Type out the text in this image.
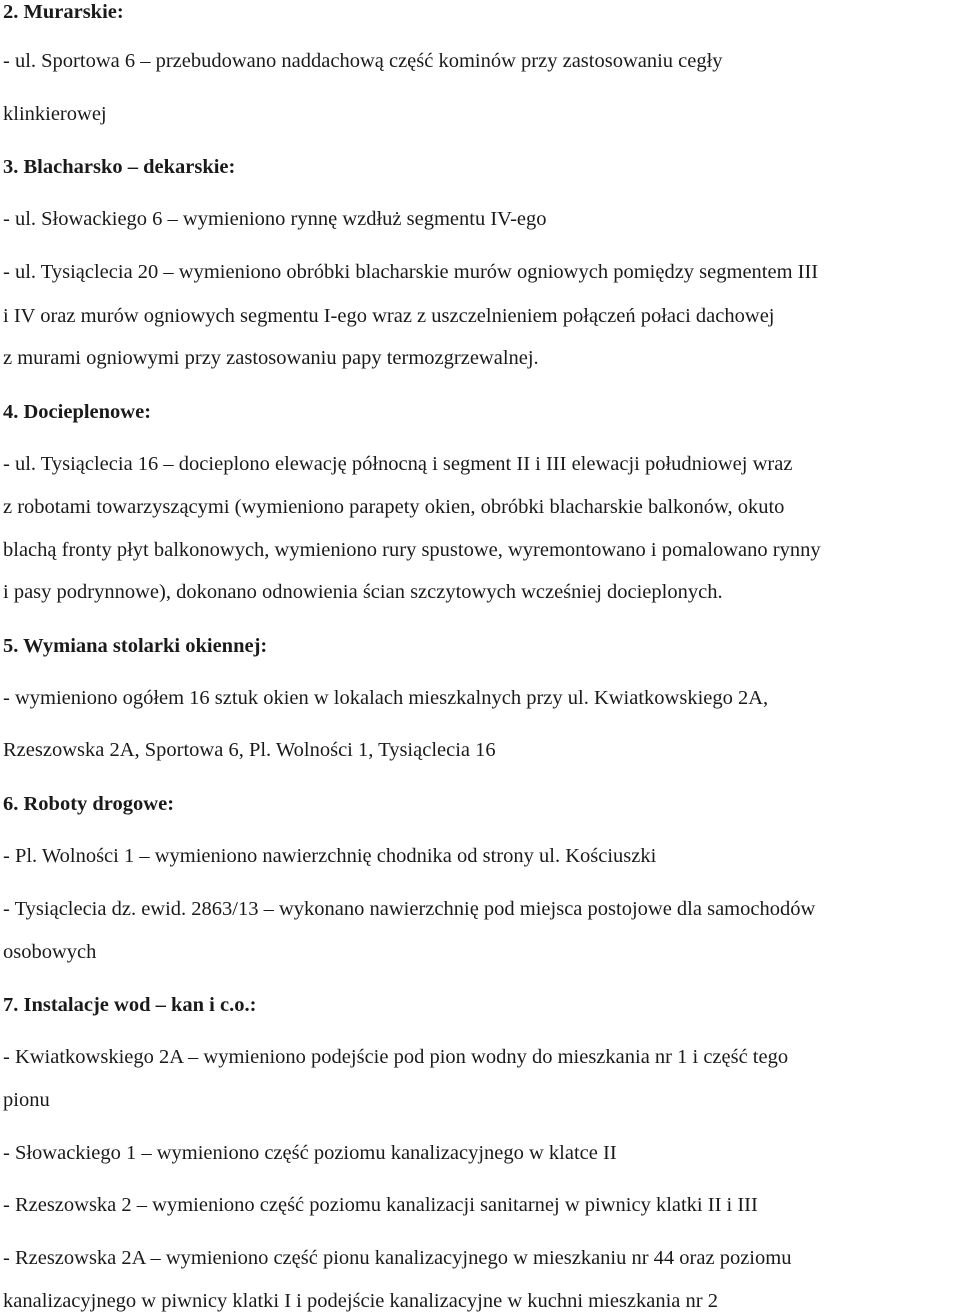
2. Murarskie:
- ul. Sportowa 6 – przebudowano naddachową część kominów przy zastosowaniu cegły
klinkierowej
3. Blacharsko – dekarskie:
- ul. Słowackiego 6 – wymieniono rynnę wzdłuż segmentu IV-ego
- ul. Tysiąclecia 20 – wymieniono obróbki blacharskie murów ogniowych pomiędzy segmentem III
i IV oraz murów ogniowych segmentu I-ego wraz z uszczelnieniem połączeń połaci dachowej
z murami ogniowymi przy zastosowaniu papy termozgrzewalnej.
4. Docieplenowe:
- ul. Tysiąclecia 16 – docieplono elewację północną i segment II i III elewacji południowej wraz
z robotami towarzyszącymi (wymieniono parapety okien, obróbki blacharskie balkonów, okuto
blachą fronty płyt balkonowych, wymieniono rury spustowe, wyremontowano i pomalowano rynny
i pasy podrynnowe), dokonano odnowienia ścian szczytowych wcześniej docieplonych.
5. Wymiana stolarki okiennej:
- wymieniono ogółem 16 sztuk okien w lokalach mieszkalnych przy ul. Kwiatkowskiego 2A,
Rzeszowska 2A, Sportowa 6, Pl. Wolności 1, Tysiąclecia 16
6. Roboty drogowe:
- Pl. Wolności 1 – wymieniono nawierzchnię chodnika od strony ul. Kościuszki
- Tysiąclecia dz. ewid. 2863/13 – wykonano nawierzchnię pod miejsca postojowe dla samochodów
osobowych
7. Instalacje wod – kan i c.o.:
- Kwiatkowskiego 2A – wymieniono podejście pod pion wodny do mieszkania nr 1 i część tego
pionu
- Słowackiego 1 – wymieniono część poziomu kanalizacyjnego w klatce II
- Rzeszowska 2 – wymieniono część poziomu kanalizacji sanitarnej w piwnicy klatki II i III
- Rzeszowska 2A – wymieniono część pionu kanalizacyjnego w mieszkaniu nr 44 oraz poziomu
kanalizacyjnego w piwnicy klatki I i podejście kanalizacyjne w kuchni mieszkania nr 2
